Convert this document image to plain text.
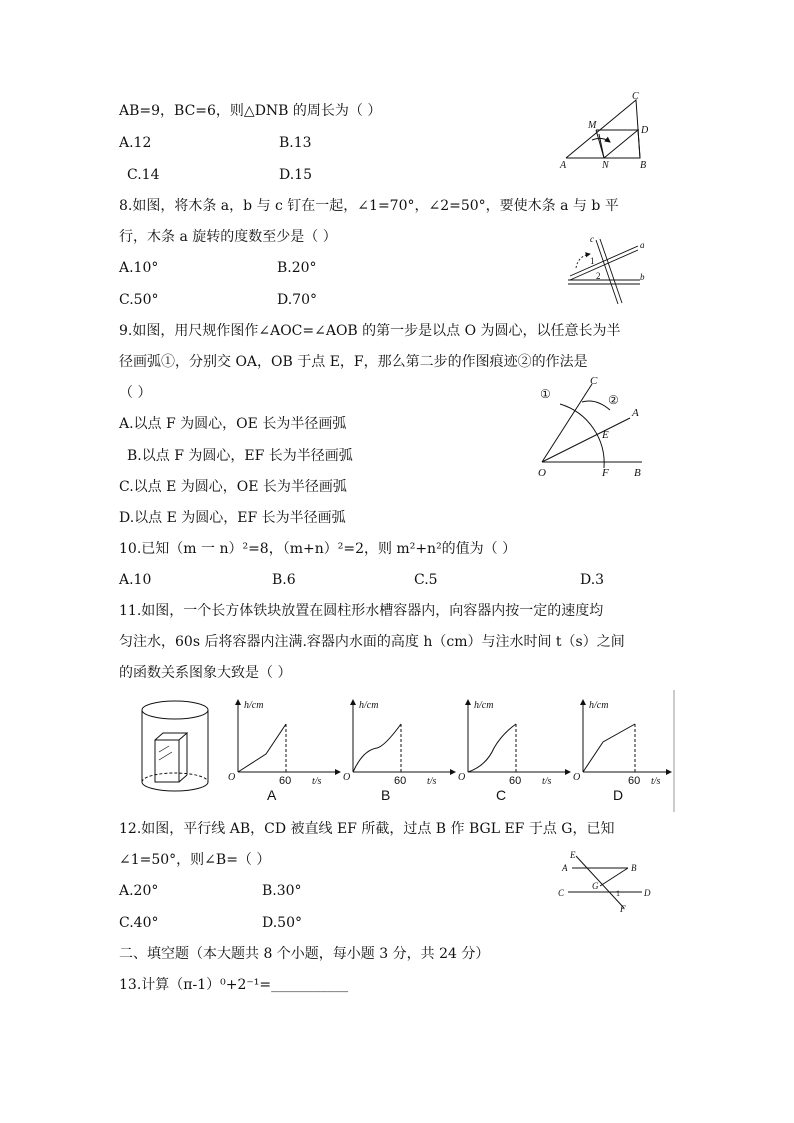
AB=9，BC=6，则△DNB 的周长为（ ）
A.12	B.13
C.14	D.15
8.如图，将木条 a，b 与 c 钉在一起，∠1=70°，∠2=50°，要使木条 a 与 b 平
行，木条 a 旋转的度数至少是（ ）
A.10°	B.20°
C.50°	D.70°
9.如图，用尺规作图作∠AOC=∠AOB 的第一步是以点 O 为圆心，以任意长为半
径画弧①，分别交 OA，OB 于点 E，F，那么第二步的作图痕迹②的作法是
（ ）
A.以点 F 为圆心，OE 长为半径画弧
B.以点 F 为圆心，EF 长为半径画弧
C.以点 E 为圆心，OE 长为半径画弧
D.以点 E 为圆心，EF 长为半径画弧
10.已知（m 一 n）²=8，（m+n）²=2，则 m²+n²的值为（ ）
A.10	B.6	C.5	D.3
11.如图，一个长方体铁块放置在圆柱形水槽容器内，向容器内按一定的速度均
匀注水，60s 后将容器内注满.容器内水面的高度 h（cm）与注水时间 t（s）之间
的函数关系图象大致是（ ）
12.如图，平行线 AB，CD 被直线 EF 所截，过点 B 作 BGL EF 于点 G，已知
∠1=50°，则∠B=（ ）
A.20°	B.30°
C.40°	D.50°
二、填空题（本大题共 8 个小题，每小题 3 分，共 24 分）
13.计算（π-1）⁰+2⁻¹=___________
C
M	D
A	N	B
c
a
1
2	b
①
C
②
A
E
O	F B
h/cm
t/s
O	60
A
h/cm
t/s
O	60
B
h/cm
t/s
O	60
C
h/cm
t/s
O	60
D
E
A	B
C
G
D
1
F
